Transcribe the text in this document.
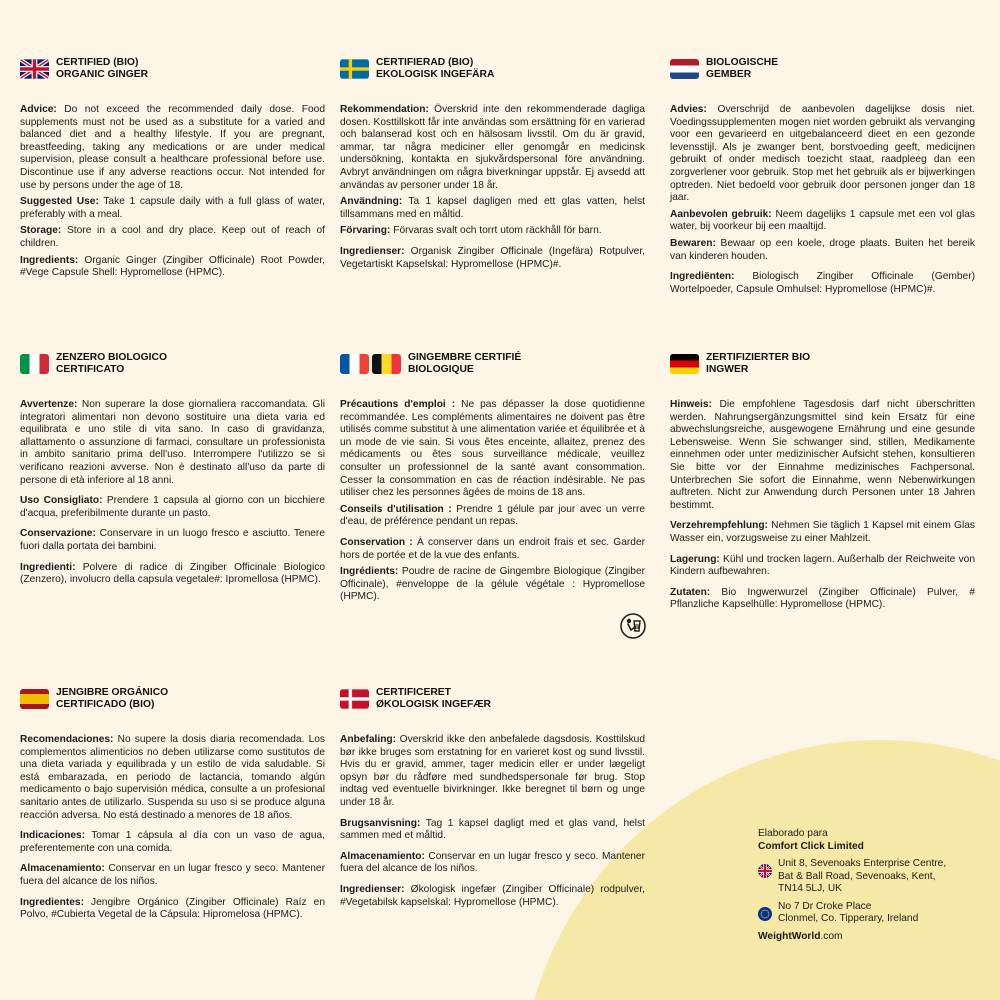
CERTIFIED (BIO)
ORGANIC GINGER

Advice: Do not exceed the recommended daily dose. Food supplements must not be used as a substitute for a varied and balanced diet and a healthy lifestyle. If you are pregnant, breastfeeding, taking any medications or are under medical supervision, please consult a healthcare professional before use. Discontinue use if any adverse reactions occur. Not intended for use by persons under the age of 18.

Suggested Use: Take 1 capsule daily with a full glass of water, preferably with a meal.

Storage: Store in a cool and dry place. Keep out of reach of children.

Ingredients: Organic Ginger (Zingiber Officinale) Root Powder, #Vege Capsule Shell: Hypromellose (HPMC).

CERTIFIERAD (BIO)
EKOLOGISK INGEFÄRA

Rekommendation: Överskrid inte den rekommenderade dagliga dosen. Kosttillskott får inte användas som ersättning för en varierad och balanserad kost och en hälsosam livsstil. Om du är gravid, ammar, tar några mediciner eller genomgår en medicinsk undersökning, kontakta en sjukvårdspersonal före användning. Avbryt användningen om några biverkningar uppstår. Ej avsedd att användas av personer under 18 år.

Användning: Ta 1 kapsel dagligen med ett glas vatten, helst tillsammans med en måltid.

Förvaring: Förvaras svalt och torrt utom räckhåll för barn.

Ingredienser: Organisk Zingiber Officinale (Ingefära) Rotpulver, Vegetartiskt Kapselskal: Hypromellose (HPMC)#.

BIOLOGISCHE
GEMBER

Advies: Overschrijd de aanbevolen dagelijkse dosis niet. Voedingssupplementen mogen niet worden gebruikt als vervanging voor een gevarieerd en uitgebalanceerd dieet en een gezonde levensstijl. Als je zwanger bent, borstvoeding geeft, medicijnen gebruikt of onder medisch toezicht staat, raadpleeg dan een zorgverlener voor gebruik. Stop met het gebruik als er bijwerkingen optreden. Niet bedoeld voor gebruik door personen jonger dan 18 jaar.

Aanbevolen gebruik: Neem dagelijks 1 capsule met een vol glas water, bij voorkeur bij een maaltijd.

Bewaren: Bewaar op een koele, droge plaats. Buiten het bereik van kinderen houden.

Ingrediënten: Biologisch Zingiber Officinale (Gember) Wortelpoeder, Capsule Omhulsel: Hypromellose (HPMC)#.

ZENZERO BIOLOGICO
CERTIFICATO

Avvertenze: Non superare la dose giornaliera raccomandata. Gli integratori alimentari non devono sostituire una dieta varia ed equilibrata e uno stile di vita sano. In caso di gravidanza, allattamento o assunzione di farmaci, consultare un professionista in ambito sanitario prima dell'uso. Interrompere l'utilizzo se si verificano reazioni avverse. Non è destinato all'uso da parte di persone di età inferiore al 18 anni.

Uso Consigliato: Prendere 1 capsula al giorno con un bicchiere d'acqua, preferibilmente durante un pasto.

Conservazione: Conservare in un luogo fresco e asciutto. Tenere fuori dalla portata dei bambini.

Ingredienti: Polvere di radice di Zingiber Officinale Biologico (Zenzero), involucro della capsula vegetale#: Ipromellosa (HPMC).

GINGEMBRE CERTIFIÉ
BIOLOGIQUE

Précautions d'emploi : Ne pas dépasser la dose quotidienne recommandée. Les compléments alimentaires ne doivent pas être utilisés comme substitut à une alimentation variée et équilibrée et à un mode de vie sain. Si vous êtes enceinte, allaitez, prenez des médicaments ou êtes sous surveillance médicale, veuillez consulter un professionnel de la santé avant consommation. Cesser la consommation en cas de réaction indésirable. Ne pas utiliser chez les personnes âgées de moins de 18 ans.

Conseils d'utilisation : Prendre 1 gélule par jour avec un verre d'eau, de préférence pendant un repas.

Conservation : À conserver dans un endroit frais et sec. Garder hors de portée et de la vue des enfants.

Ingrédients: Poudre de racine de Gingembre Biologique (Zingiber Officinale), #enveloppe de la gélule végétale : Hypromellose (HPMC).

ZERTIFIZIERTER BIO
INGWER

Hinweis: Die empfohlene Tagesdosis darf nicht überschritten werden. Nahrungsergänzungsmittel sind kein Ersatz für eine abwechslungsreiche, ausgewogene Ernährung und eine gesunde Lebensweise. Wenn Sie schwanger sind, stillen, Medikamente einnehmen oder unter medizinischer Aufsicht stehen, konsultieren Sie bitte vor der Einnahme medizinisches Fachpersonal. Unterbrechen Sie sofort die Einnahme, wenn Nebenwirkungen auftreten. Nicht zur Anwendung durch Personen unter 18 Jahren bestimmt.

Verzehrempfehlung: Nehmen Sie täglich 1 Kapsel mit einem Glas Wasser ein, vorzugsweise zu einer Mahlzeit.

Lagerung: Kühl und trocken lagern. Außerhalb der Reichweite von Kindern aufbewahren.

Zutaten: Bio Ingwerwurzel (Zingiber Officinale) Pulver, # Pflanzliche Kapselhülle: Hypromellose (HPMC).

JENGIBRE ORGÁNICO
CERTIFICADO (BIO)

Recomendaciones: No supere la dosis diaria recomendada. Los complementos alimenticios no deben utilizarse como sustitutos de una dieta variada y equilibrada y un estilo de vida saludable. Si está embarazada, en periodo de lactancia, tomando algún medicamento o bajo supervisión médica, consulte a un profesional sanitario antes de utilizarlo. Suspenda su uso si se produce alguna reacción adversa. No está destinado a menores de 18 años.

Indicaciones: Tomar 1 cápsula al día con un vaso de agua, preferentemente con una comida.

Almacenamiento: Conservar en un lugar fresco y seco. Mantener fuera del alcance de los niños.

Ingredientes: Jengibre Orgánico (Zingiber Officinale) Raíz en Polvo, #Cubierta Vegetal de la Cápsula: Hipromelosa (HPMC).

CERTIFICERET
ØKOLOGISK INGEFÆR

Anbefaling: Overskrid ikke den anbefalede dagsdosis. Kosttilskud bør ikke bruges som erstatning for en varieret kost og sund livsstil. Hvis du er gravid, ammer, tager medicin eller er under lægeligt opsyn bør du rådføre med sundhedspersonale før brug. Stop indtag ved eventuelle bivirkninger. Ikke beregnet til børn og unge under 18 år.

Brugsanvisning: Tag 1 kapsel dagligt med et glas vand, helst sammen med et måltid.

Almacenamiento: Conservar en un lugar fresco y seco. Mantener fuera del alcance de los niños.

Ingredienser: Økologisk ingefær (Zingiber Officinale) rodpulver, #Vegetabilsk kapselskal: Hypromellose (HPMC).

Elaborado para
Comfort Click Limited
Unit 8, Sevenoaks Enterprise Centre,
Bat & Ball Road, Sevenoaks, Kent,
TN14 5LJ, UK
No 7 Dr Croke Place
Clonmel, Co. Tipperary, Ireland
WeightWorld.com
